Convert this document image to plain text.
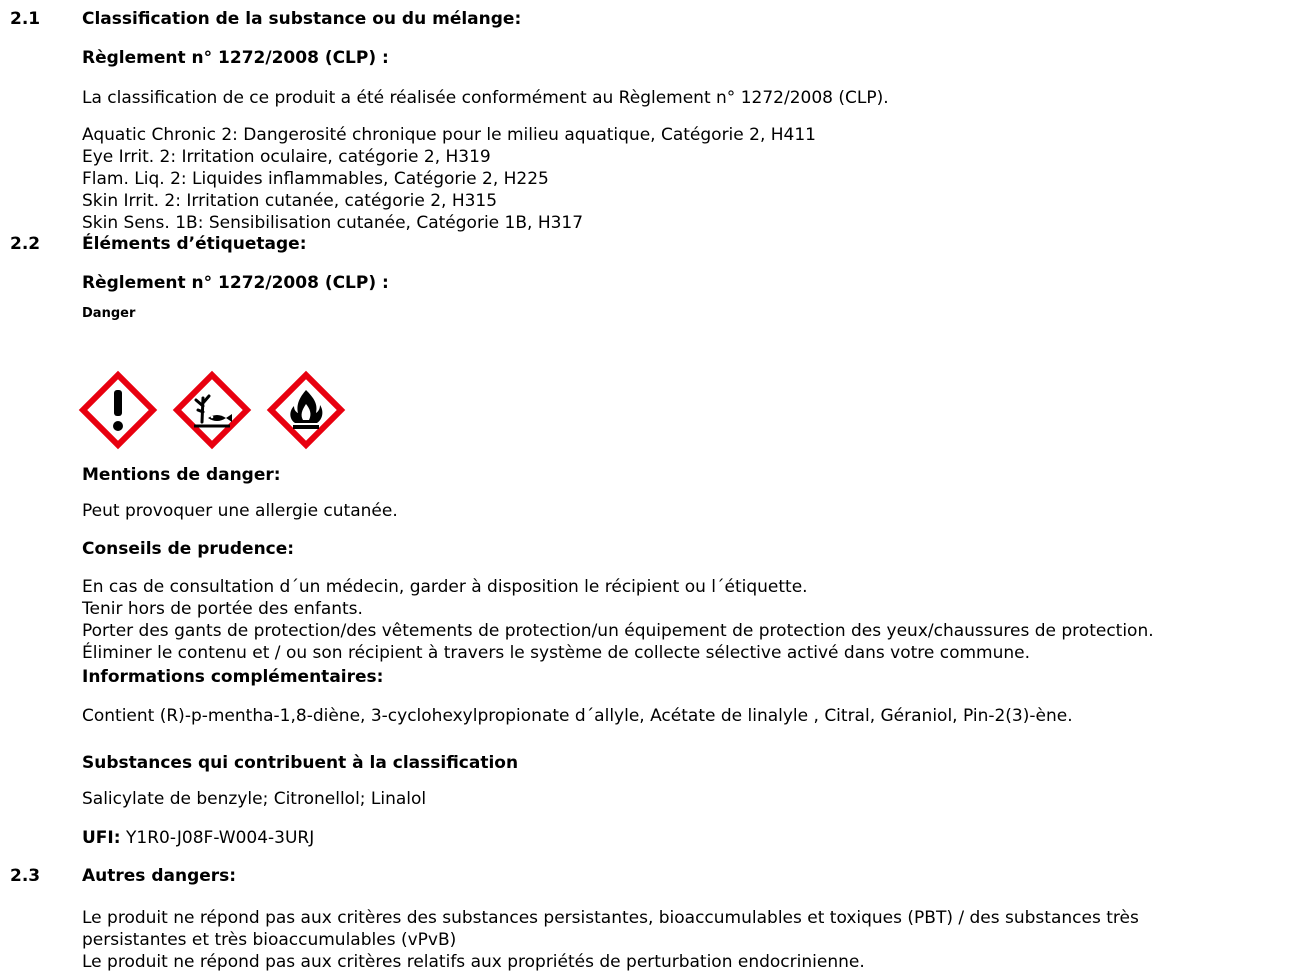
2.1 Classification de la substance ou du mélange:
Règlement n° 1272/2008 (CLP) :
La classification de ce produit a été réalisée conformément au Règlement n° 1272/2008 (CLP).
Aquatic Chronic 2: Dangerosité chronique pour le milieu aquatique, Catégorie 2, H411
Eye Irrit. 2: Irritation oculaire, catégorie 2, H319
Flam. Liq. 2: Liquides inflammables, Catégorie 2, H225
Skin Irrit. 2: Irritation cutanée, catégorie 2, H315
Skin Sens. 1B: Sensibilisation cutanée, Catégorie 1B, H317
2.2 Éléments d’étiquetage:
Règlement n° 1272/2008 (CLP) :
Danger
Mentions de danger:
Peut provoquer une allergie cutanée.
Conseils de prudence:
En cas de consultation d´un médecin, garder à disposition le récipient ou l´étiquette.
Tenir hors de portée des enfants.
Porter des gants de protection/des vêtements de protection/un équipement de protection des yeux/chaussures de protection.
Éliminer le contenu et / ou son récipient à travers le système de collecte sélective activé dans votre commune.
Informations complémentaires:
Contient (R)-p-mentha-1,8-diène, 3-cyclohexylpropionate d´allyle, Acétate de linalyle , Citral, Géraniol, Pin-2(3)-ène.
Substances qui contribuent à la classification
Salicylate de benzyle; Citronellol; Linalol
UFI: Y1R0-J08F-W004-3URJ
2.3 Autres dangers:
Le produit ne répond pas aux critères des substances persistantes, bioaccumulables et toxiques (PBT) / des substances très
persistantes et très bioaccumulables (vPvB)
Le produit ne répond pas aux critères relatifs aux propriétés de perturbation endocrinienne.
